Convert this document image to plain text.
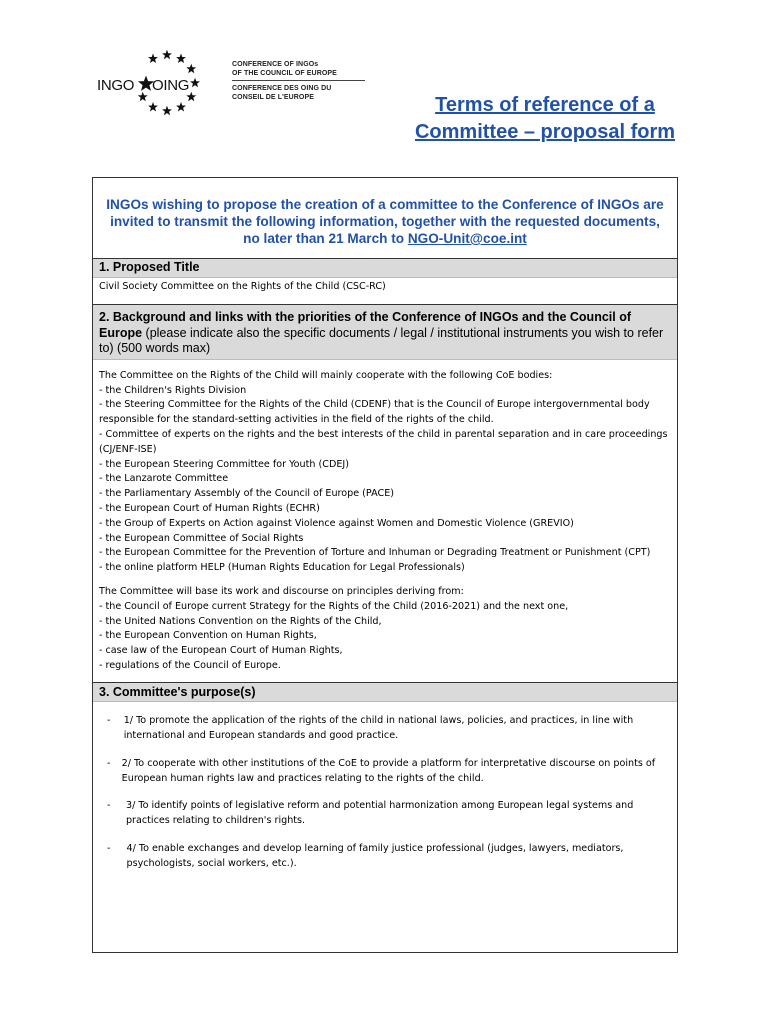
INGO OING
CONFERENCE OF INGOs
OF THE COUNCIL OF EUROPE
CONFERENCE DES OING DU
CONSEIL DE L'EUROPE	Terms of reference of a
Committee – proposal form
INGOs wishing to propose the creation of a committee to the Conference of INGOs are invited to transmit the following information, together with the requested documents,
no later than 21 March to NGO-Unit@coe.int
1. Proposed Title
Civil Society Committee on the Rights of the Child (CSC-RC)
2. Background and links with the priorities of the Conference of INGOs and the Council of Europe (please indicate also the specific documents / legal / institutional instruments you wish to refer to) (500 words max)
The Committee on the Rights of the Child will mainly cooperate with the following CoE bodies:
- the Children's Rights Division
- the Steering Committee for the Rights of the Child (CDENF) that is the Council of Europe intergovernmental body responsible for the standard-setting activities in the field of the rights of the child.
- Committee of experts on the rights and the best interests of the child in parental separation and in care proceedings (CJ/ENF-ISE)
- the European Steering Committee for Youth (CDEJ)
- the Lanzarote Committee
- the Parliamentary Assembly of the Council of Europe (PACE)
- the European Court of Human Rights (ECHR)
- the Group of Experts on Action against Violence against Women and Domestic Violence (GREVIO)
- the European Committee of Social Rights
- the European Committee for the Prevention of Torture and Inhuman or Degrading Treatment or Punishment (CPT)
- the online platform HELP (Human Rights Education for Legal Professionals)
The Committee will base its work and discourse on principles deriving from:
- the Council of Europe current Strategy for the Rights of the Child (2016-2021) and the next one,
- the United Nations Convention on the Rights of the Child,
- the European Convention on Human Rights,
- case law of the European Court of Human Rights,
- regulations of the Council of Europe.
3. Committee's purpose(s)
-	1/ To promote the application of the rights of the child in national laws, policies, and practices, in line with international and European standards and good practice.
-	2/ To cooperate with other institutions of the CoE to provide a platform for interpretative discourse on points of European human rights law and practices relating to the rights of the child.
-	3/ To identify points of legislative reform and potential harmonization among European legal systems and practices relating to children's rights.
-	4/ To enable exchanges and develop learning of family justice professional (judges, lawyers, mediators, psychologists, social workers, etc.).
